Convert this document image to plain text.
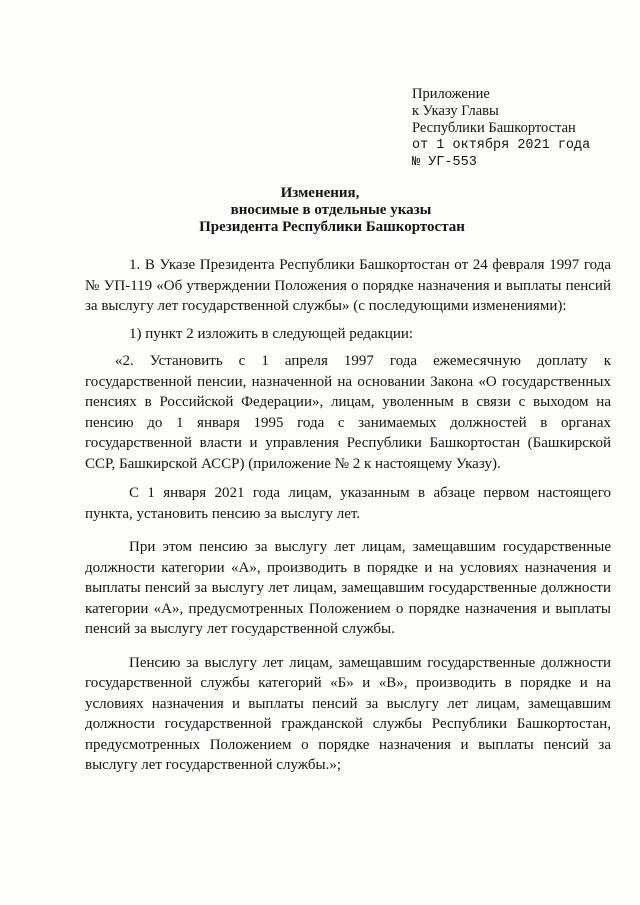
Приложение
к Указу Главы
Республики Башкортостан
от 1 октября 2021 года
№ УГ-553
Изменения,
вносимые в отдельные указы
Президента Республики Башкортостан

1. В Указе Президента Республики Башкортостан от 24 февраля 1997 года № УП-119 «Об утверждении Положения о порядке назначения и выплаты пенсий за выслугу лет государственной службы» (с последующими изменениями):

1) пункт 2 изложить в следующей редакции:

«2. Установить с 1 апреля 1997 года ежемесячную доплату к государственной пенсии, назначенной на основании Закона «О государственных пенсиях в Российской Федерации», лицам, уволенным в связи с выходом на пенсию до 1 января 1995 года с занимаемых должностей в органах государственной власти и управления Республики Башкортостан (Башкирской ССР, Башкирской АССР) (приложение № 2 к настоящему Указу).

С 1 января 2021 года лицам, указанным в абзаце первом настоящего пункта, установить пенсию за выслугу лет.

При этом пенсию за выслугу лет лицам, замещавшим государственные должности категории «А», производить в порядке и на условиях назначения и выплаты пенсий за выслугу лет лицам, замещавшим государственные должности категории «А», предусмотренных Положением о порядке назначения и выплаты пенсий за выслугу лет государственной службы.

Пенсию за выслугу лет лицам, замещавшим государственные должности государственной службы категорий «Б» и «В», производить в порядке и на условиях назначения и выплаты пенсий за выслугу лет лицам, замещавшим должности государственной гражданской службы Республики Башкортостан, предусмотренных Положением о порядке назначения и выплаты пенсий за выслугу лет государственной службы.»;
